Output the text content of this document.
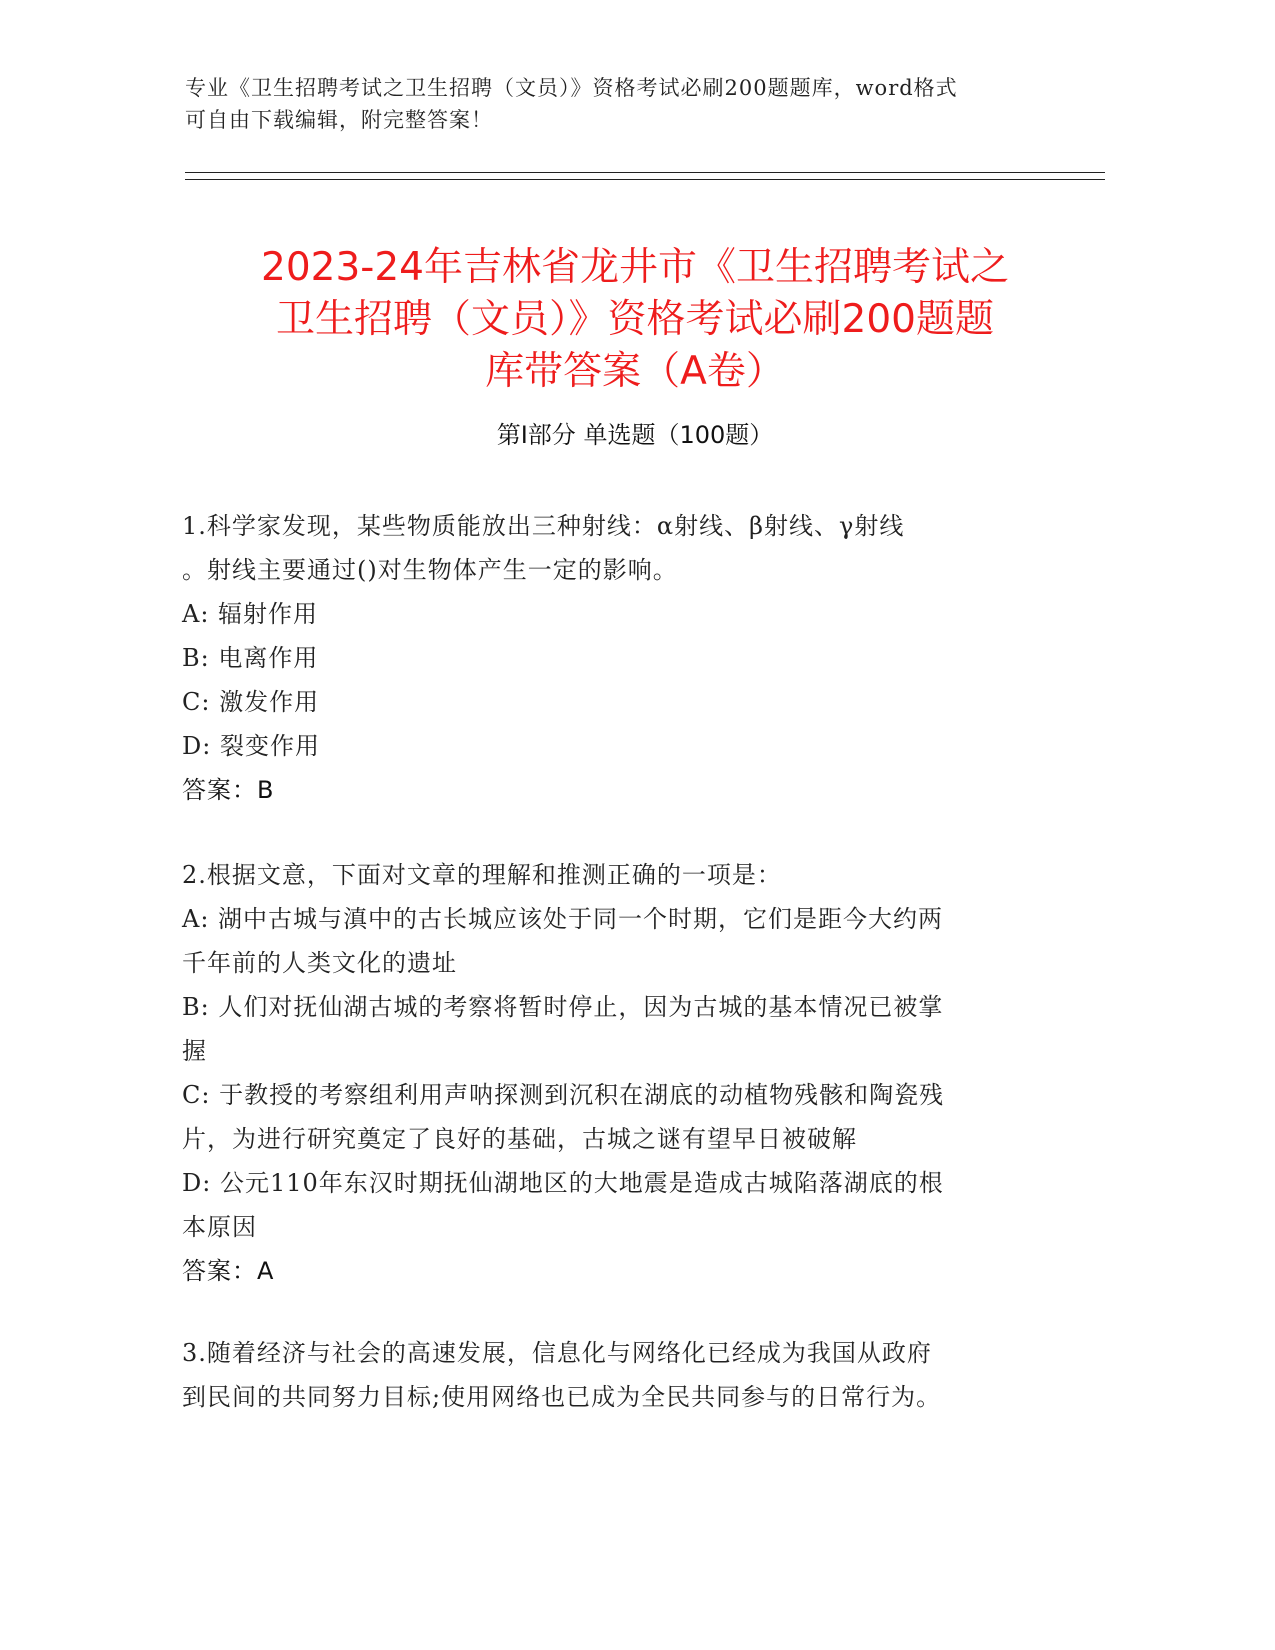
专业《卫生招聘考试之卫生招聘（文员）》资格考试必刷200题题库，word格式
可自由下载编辑，附完整答案！
2023-24年吉林省龙井市《卫生招聘考试之
卫生招聘（文员）》资格考试必刷200题题
库带答案（A卷）
第Ⅰ部分 单选题（100题）
1.科学家发现，某些物质能放出三种射线：α射线、β射线、γ射线
。射线主要通过()对生物体产生一定的影响。
A: 辐射作用
B: 电离作用
C: 激发作用
D: 裂变作用
答案：B
2.根据文意，下面对文章的理解和推测正确的一项是：
A: 湖中古城与滇中的古长城应该处于同一个时期，它们是距今大约两
千年前的人类文化的遗址
B: 人们对抚仙湖古城的考察将暂时停止，因为古城的基本情况已被掌
握
C: 于教授的考察组利用声呐探测到沉积在湖底的动植物残骸和陶瓷残
片，为进行研究奠定了良好的基础，古城之谜有望早日被破解
D: 公元110年东汉时期抚仙湖地区的大地震是造成古城陷落湖底的根
本原因
答案：A
3.随着经济与社会的高速发展，信息化与网络化已经成为我国从政府
到民间的共同努力目标;使用网络也已成为全民共同参与的日常行为。
